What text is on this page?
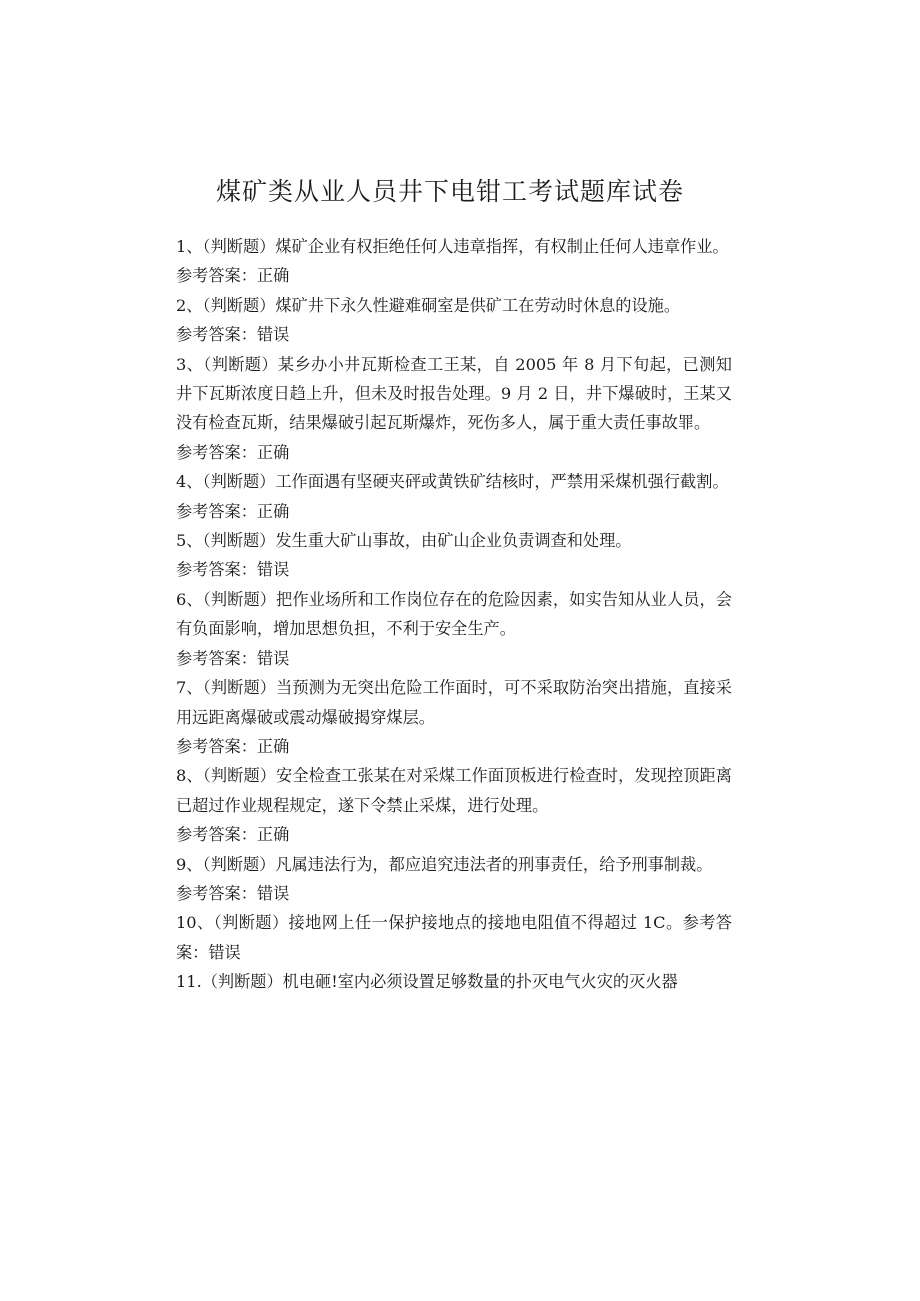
煤矿类从业人员井下电钳工考试题库试卷

1、（判断题）煤矿企业有权拒绝任何人违章指挥，有权制止任何人违章作业。

参考答案：正确

2、（判断题）煤矿井下永久性避难硐室是供矿工在劳动时休息的设施。

参考答案：错误

3、（判断题）某乡办小井瓦斯检查工王某，自 2005 年 8 月下旬起，已测知井下瓦斯浓度日趋上升，但未及时报告处理。9 月 2 日，井下爆破时，王某又没有检查瓦斯，结果爆破引起瓦斯爆炸，死伤多人，属于重大责任事故罪。

参考答案：正确

4、（判断题）工作面遇有坚硬夹砰或黄铁矿结核时，严禁用采煤机强行截割。

参考答案：正确

5、（判断题）发生重大矿山事故，由矿山企业负责调查和处理。

参考答案：错误

6、（判断题）把作业场所和工作岗位存在的危险因素，如实告知从业人员，会有负面影响，增加思想负担，不利于安全生产。

参考答案：错误

7、（判断题）当预测为无突出危险工作面时，可不采取防治突出措施，直接采用远距离爆破或震动爆破揭穿煤层。

参考答案：正确

8、（判断题）安全检查工张某在对采煤工作面顶板进行检查时，发现控顶距离已超过作业规程规定，遂下令禁止采煤，进行处理。

参考答案：正确

9、（判断题）凡属违法行为，都应追究违法者的刑事责任，给予刑事制裁。

参考答案：错误

10、（判断题）接地网上任一保护接地点的接地电阻值不得超过 1C。参考答案：错误

11.（判断题）机电砸!室内必须设置足够数量的扑灭电气火灾的灭火器
